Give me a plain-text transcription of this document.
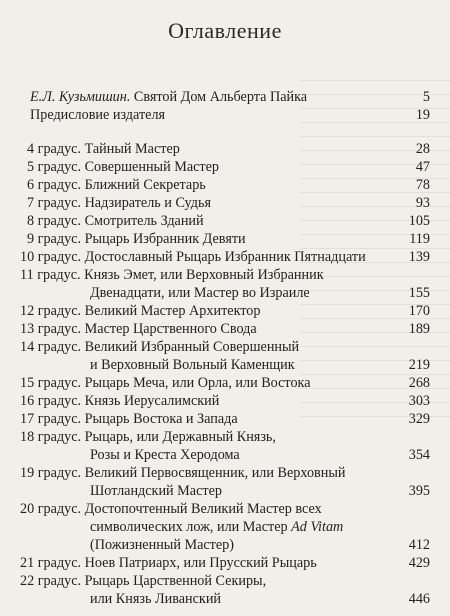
Оглавление
Е.Л. Кузьмишин. Святой Дом Альберта Пайка	5
Предисловие издателя	19
4 градус. Тайный Мастер	28
5 градус. Совершенный Мастер	47
6 градус. Ближний Секретарь	78
7 градус. Надзиратель и Судья	93
8 градус. Смотритель Зданий	105
9 градус. Рыцарь Избранник Девяти	119
10 градус. Достославный Рыцарь Избранник Пятнадцати	139
11 градус. Князь Эмет, или Верховный Избранник
Двенадцати, или Мастер во Израиле	155
12 градус. Великий Мастер Архитектор	170
13 градус. Мастер Царственного Свода	189
14 градус. Великий Избранный Совершенный
и Верховный Вольный Каменщик	219
15 градус. Рыцарь Меча, или Орла, или Востока	268
16 градус. Князь Иерусалимский	303
17 градус. Рыцарь Востока и Запада	329
18 градус. Рыцарь, или Державный Князь,
Розы и Креста Херодома	354
19 градус. Великий Первосвященник, или Верховный
Шотландский Мастер	395
20 градус. Достопочтенный Великий Мастер всех
символических лож, или Мастер Ad Vitam
(Пожизненный Мастер)	412
21 градус. Ноев Патриарх, или Прусский Рыцарь	429
22 градус. Рыцарь Царственной Секиры,
или Князь Ливанский	446
